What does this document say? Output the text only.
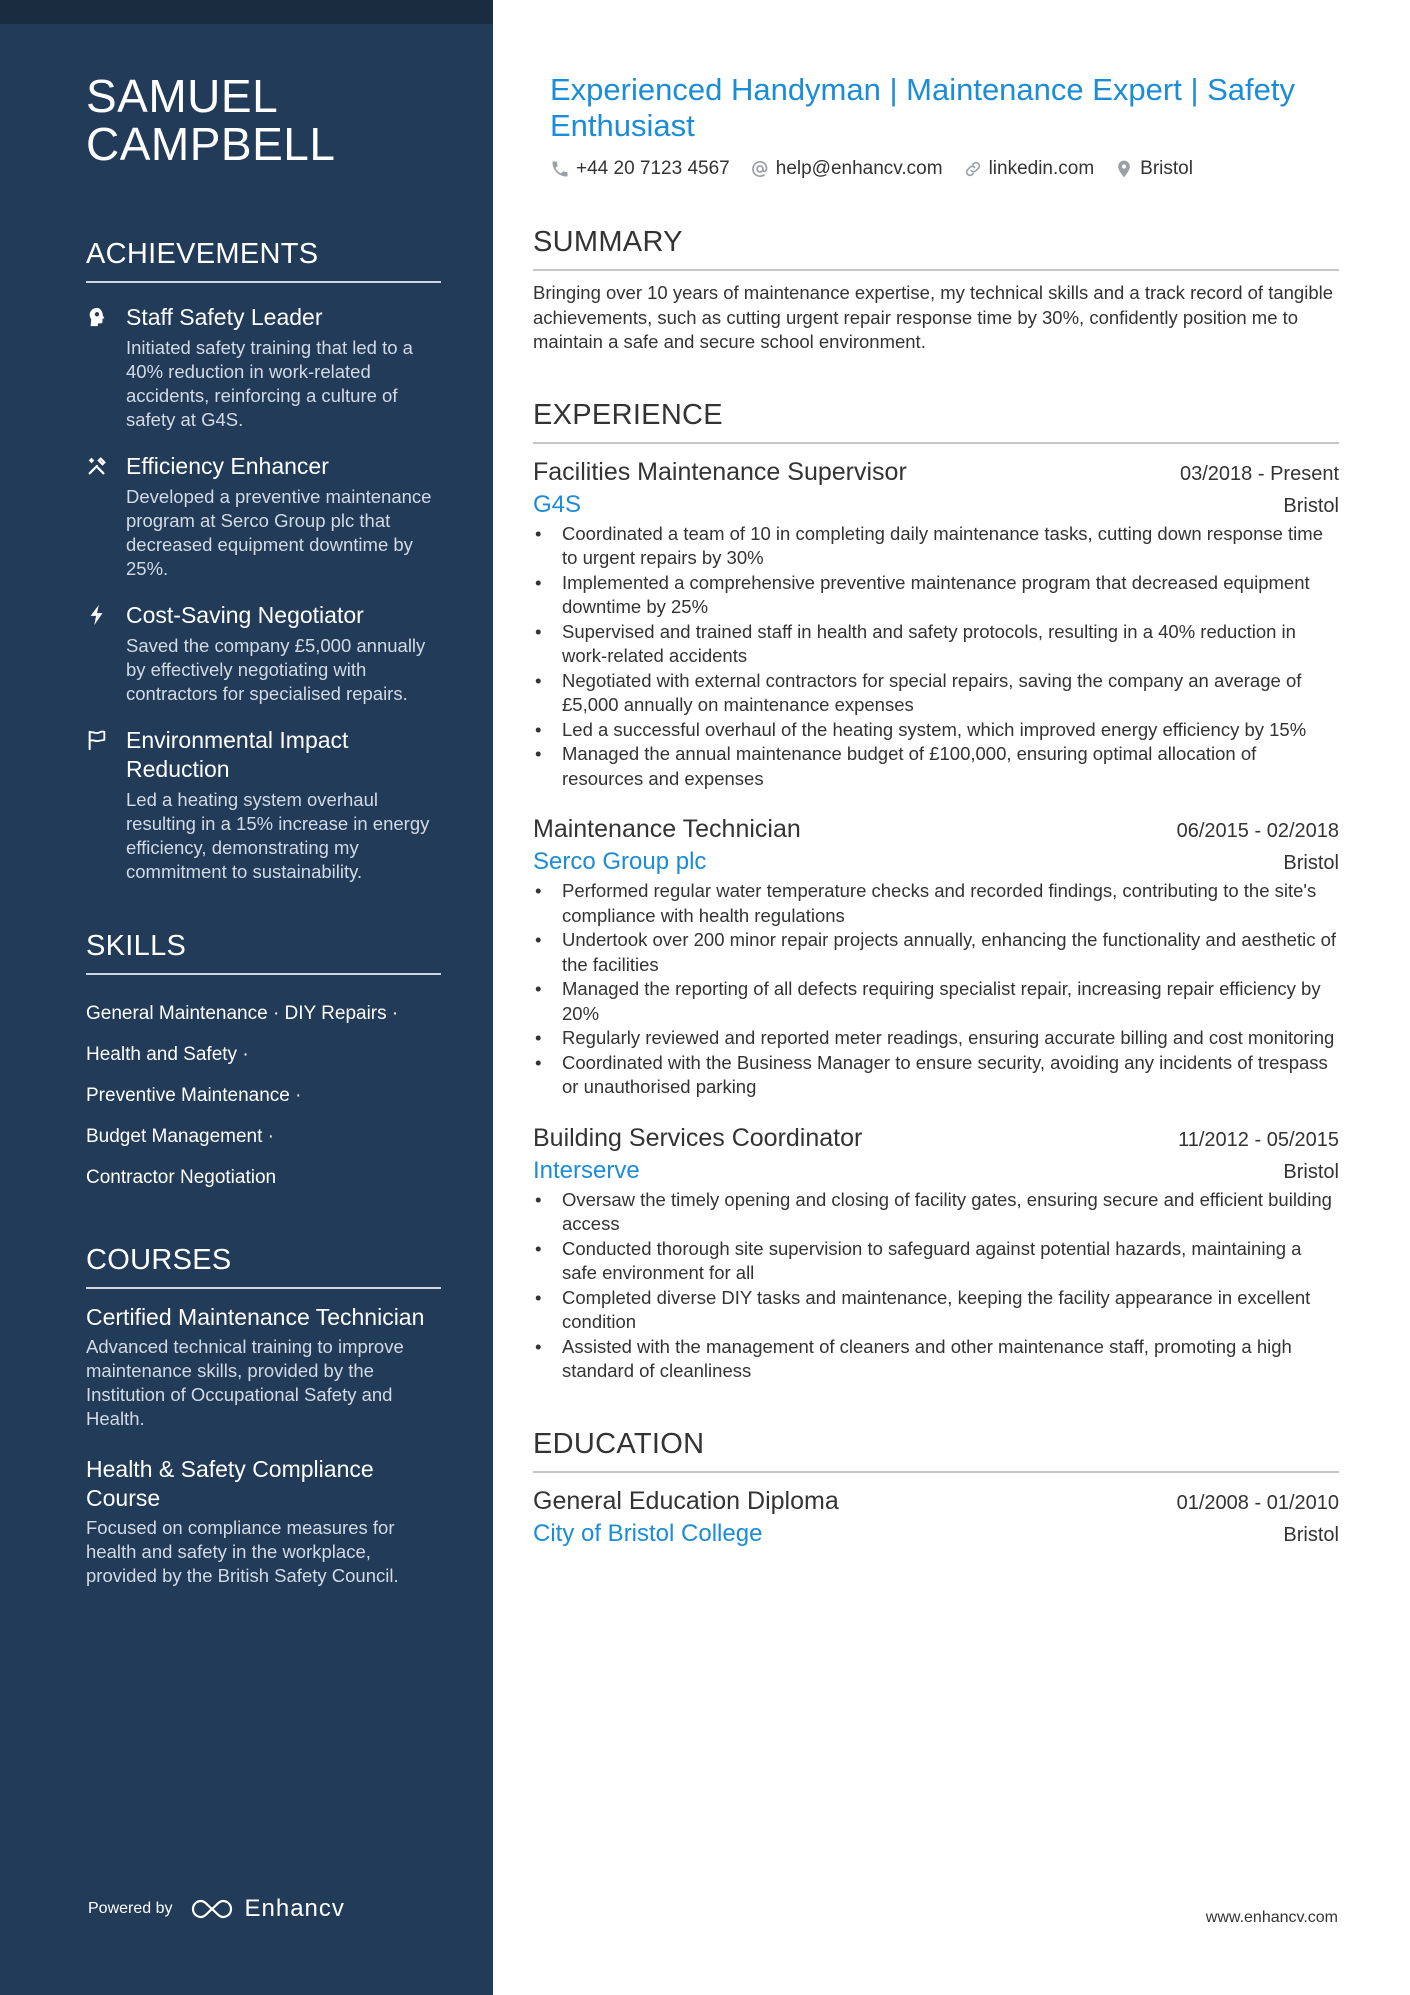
SAMUEL
CAMPBELL
ACHIEVEMENTS
Staff Safety Leader
Initiated safety training that led to a 40% reduction in work-related accidents, reinforcing a culture of safety at G4S.
Efficiency Enhancer
Developed a preventive maintenance program at Serco Group plc that decreased equipment downtime by 25%.
Cost-Saving Negotiator
Saved the company £5,000 annually by effectively negotiating with contractors for specialised repairs.
Environmental Impact Reduction
Led a heating system overhaul resulting in a 15% increase in energy efficiency, demonstrating my commitment to sustainability.
SKILLS
General Maintenance · DIY Repairs ·
Health and Safety ·
Preventive Maintenance ·
Budget Management ·
Contractor Negotiation
COURSES
Certified Maintenance Technician
Advanced technical training to improve maintenance skills, provided by the Institution of Occupational Safety and Health.
Health & Safety Compliance Course
Focused on compliance measures for health and safety in the workplace, provided by the British Safety Council.
Powered by	Enhancv
Experienced Handyman | Maintenance Expert | Safety Enthusiast
+44 20 7123 4567 help@enhancv.com linkedin.com Bristol
SUMMARY
Bringing over 10 years of maintenance expertise, my technical skills and a track record of tangible achievements, such as cutting urgent repair response time by 30%, confidently position me to maintain a safe and secure school environment.
EXPERIENCE
Facilities Maintenance Supervisor	03/2018 - Present
G4S	Bristol
• Coordinated a team of 10 in completing daily maintenance tasks, cutting down response time to urgent repairs by 30%
• Implemented a comprehensive preventive maintenance program that decreased equipment downtime by 25%
• Supervised and trained staff in health and safety protocols, resulting in a 40% reduction in work-related accidents
• Negotiated with external contractors for special repairs, saving the company an average of £5,000 annually on maintenance expenses
• Led a successful overhaul of the heating system, which improved energy efficiency by 15%
• Managed the annual maintenance budget of £100,000, ensuring optimal allocation of resources and expenses
Maintenance Technician	06/2015 - 02/2018
Serco Group plc	Bristol
• Performed regular water temperature checks and recorded findings, contributing to the site's compliance with health regulations
• Undertook over 200 minor repair projects annually, enhancing the functionality and aesthetic of the facilities
• Managed the reporting of all defects requiring specialist repair, increasing repair efficiency by 20%
• Regularly reviewed and reported meter readings, ensuring accurate billing and cost monitoring
• Coordinated with the Business Manager to ensure security, avoiding any incidents of trespass or unauthorised parking
Building Services Coordinator	11/2012 - 05/2015
Interserve	Bristol
• Oversaw the timely opening and closing of facility gates, ensuring secure and efficient building access
• Conducted thorough site supervision to safeguard against potential hazards, maintaining a safe environment for all
• Completed diverse DIY tasks and maintenance, keeping the facility appearance in excellent condition
• Assisted with the management of cleaners and other maintenance staff, promoting a high standard of cleanliness
EDUCATION
General Education Diploma	01/2008 - 01/2010
City of Bristol College	Bristol
www.enhancv.com
